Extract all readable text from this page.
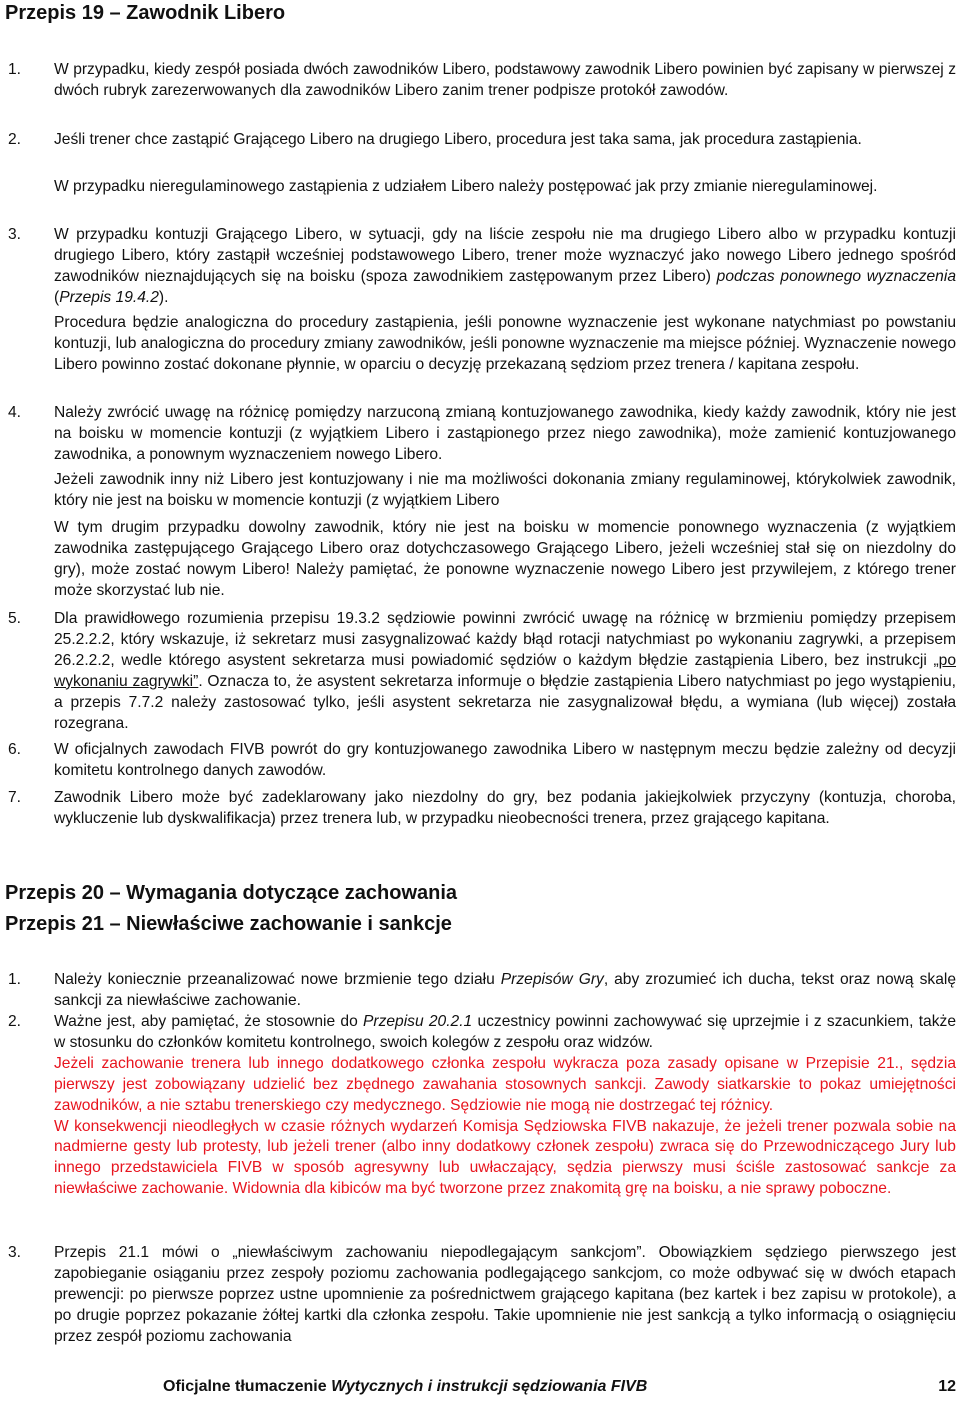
Przepis 19 – Zawodnik Libero
1. W przypadku, kiedy zespół posiada dwóch zawodników Libero, podstawowy zawodnik Libero powinien być zapisany w pierwszej z dwóch rubryk zarezerwowanych dla zawodników Libero zanim trener podpisze protokół zawodów.
2. Jeśli trener chce zastąpić Grającego Libero na drugiego Libero, procedura jest taka sama, jak procedura zastąpienia.
W przypadku nieregulaminowego zastąpienia z udziałem Libero należy postępować jak przy zmianie nieregulaminowej.
3. W przypadku kontuzji Grającego Libero, w sytuacji, gdy na liście zespołu nie ma drugiego Libero albo w przypadku kontuzji drugiego Libero, który zastąpił wcześniej podstawowego Libero, trener może wyznaczyć jako nowego Libero jednego spośród zawodników nieznajdujących się na boisku (spoza zawodnikiem zastępowanym przez Libero) podczas ponownego wyznaczenia (Przepis 19.4.2).
Procedura będzie analogiczna do procedury zastąpienia, jeśli ponowne wyznaczenie jest wykonane natychmiast po powstaniu kontuzji, lub analogiczna do procedury zmiany zawodników, jeśli ponowne wyznaczenie ma miejsce później. Wyznaczenie nowego Libero powinno zostać dokonane płynnie, w oparciu o decyzję przekazaną sędziom przez trenera / kapitana zespołu.
4. Należy zwrócić uwagę na różnicę pomiędzy narzuconą zmianą kontuzjowanego zawodnika, kiedy każdy zawodnik, który nie jest na boisku w momencie kontuzji (z wyjątkiem Libero i zastąpionego przez niego zawodnika), może zamienić kontuzjowanego zawodnika, a ponownym wyznaczeniem nowego Libero.
Jeżeli zawodnik inny niż Libero jest kontuzjowany i nie ma możliwości dokonania zmiany regulaminowej, którykolwiek zawodnik, który nie jest na boisku w momencie kontuzji (z wyjątkiem Libero
W tym drugim przypadku dowolny zawodnik, który nie jest na boisku w momencie ponownego wyznaczenia (z wyjątkiem zawodnika zastępującego Grającego Libero oraz dotychczasowego Grającego Libero, jeżeli wcześniej stał się on niezdolny do gry), może zostać nowym Libero! Należy pamiętać, że ponowne wyznaczenie nowego Libero jest przywilejem, z którego trener może skorzystać lub nie.
5. Dla prawidłowego rozumienia przepisu 19.3.2 sędziowie powinni zwrócić uwagę na różnicę w brzmieniu pomiędzy przepisem 25.2.2.2, który wskazuje, iż sekretarz musi zasygnalizować każdy błąd rotacji natychmiast po wykonaniu zagrywki, a przepisem 26.2.2.2, wedle którego asystent sekretarza musi powiadomić sędziów o każdym błędzie zastąpienia Libero, bez instrukcji „po wykonaniu zagrywki”. Oznacza to, że asystent sekretarza informuje o błędzie zastąpienia Libero natychmiast po jego wystąpieniu, a przepis 7.7.2 należy zastosować tylko, jeśli asystent sekretarza nie zasygnalizował błędu, a wymiana (lub więcej) została rozegrana.
6. W oficjalnych zawodach FIVB powrót do gry kontuzjowanego zawodnika Libero w następnym meczu będzie zależny od decyzji komitetu kontrolnego danych zawodów.
7. Zawodnik Libero może być zadeklarowany jako niezdolny do gry, bez podania jakiejkolwiek przyczyny (kontuzja, choroba, wykluczenie lub dyskwalifikacja) przez trenera lub, w przypadku nieobecności trenera, przez grającego kapitana.
Przepis 20 – Wymagania dotyczące zachowania
Przepis 21 – Niewłaściwe zachowanie i sankcje
1. Należy koniecznie przeanalizować nowe brzmienie tego działu Przepisów Gry, aby zrozumieć ich ducha, tekst oraz nową skalę sankcji za niewłaściwe zachowanie.
2. Ważne jest, aby pamiętać, że stosownie do Przepisu 20.2.1 uczestnicy powinni zachowywać się uprzejmie i z szacunkiem, także w stosunku do członków komitetu kontrolnego, swoich kolegów z zespołu oraz widzów.
Jeżeli zachowanie trenera lub innego dodatkowego członka zespołu wykracza poza zasady opisane w Przepisie 21., sędzia pierwszy jest zobowiązany udzielić bez zbędnego zawahania stosownych sankcji. Zawody siatkarskie to pokaz umiejętności zawodników, a nie sztabu trenerskiego czy medycznego. Sędziowie nie mogą nie dostrzegać tej różnicy.
W konsekwencji nieodległych w czasie różnych wydarzeń Komisja Sędziowska FIVB nakazuje, że jeżeli trener pozwala sobie na nadmierne gesty lub protesty, lub jeżeli trener (albo inny dodatkowy członek zespołu) zwraca się do Przewodniczącego Jury lub innego przedstawiciela FIVB w sposób agresywny lub uwłaczający, sędzia pierwszy musi ściśle zastosować sankcje za niewłaściwe zachowanie. Widownia dla kibiców ma być tworzone przez znakomitą grę na boisku, a nie sprawy poboczne.
3. Przepis 21.1 mówi o „niewłaściwym zachowaniu niepodlegającym sankcjom”. Obowiązkiem sędziego pierwszego jest zapobieganie osiąganiu przez zespoły poziomu zachowania podlegającego sankcjom, co może odbywać się w dwóch etapach prewencji: po pierwsze poprzez ustne upomnienie za pośrednictwem grającego kapitana (bez kartek i bez zapisu w protokole), a po drugie poprzez pokazanie żółtej kartki dla członka zespołu. Takie upomnienie nie jest sankcją a tylko informacją o osiągnięciu przez zespół poziomu zachowania
Oficjalne tłumaczenie Wytycznych i instrukcji sędziowania FIVB	12
